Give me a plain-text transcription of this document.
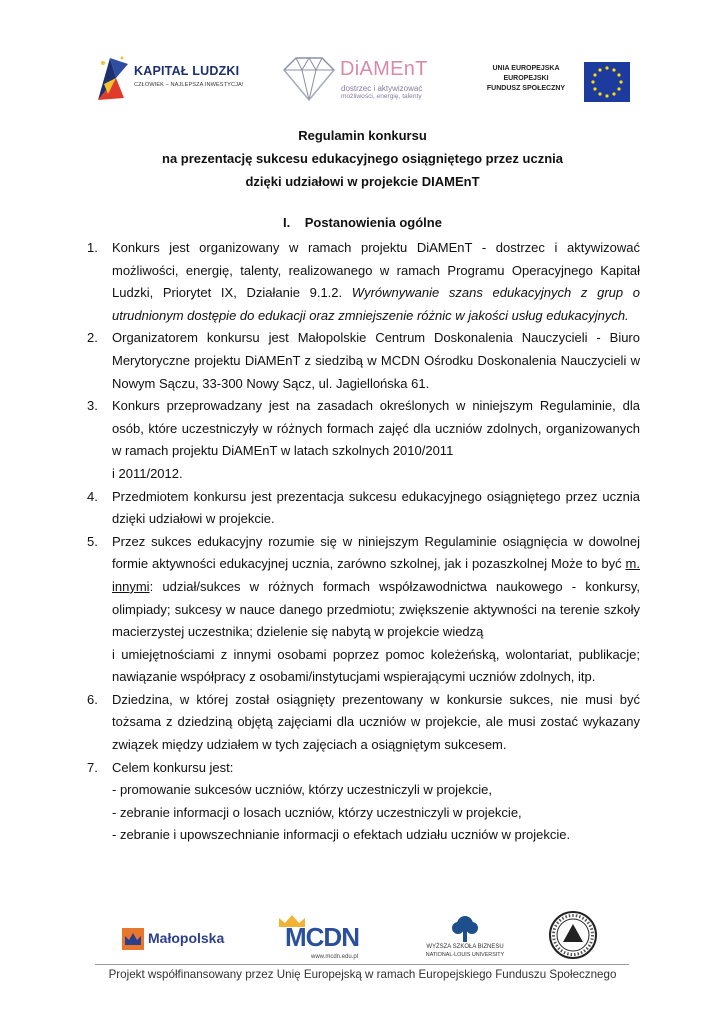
KAPITAŁ LUDZKI
CZŁOWIEK – NAJLEPSZA INWESTYCJA!
DiAMEnT
dostrzec i aktywizować
możliwości, energię, talenty
UNIA EUROPEJSKA
EUROPEJSKI
FUNDUSZ SPOŁECZNY
Regulamin konkursu
na prezentację sukcesu edukacyjnego osiągniętego przez ucznia
dzięki udziałowi w projekcie DIAMEnT
I. Postanowienia ogólne
1. Konkurs jest organizowany w ramach projektu DiAMEnT - dostrzec i aktywizować możliwości, energię, talenty, realizowanego w ramach Programu Operacyjnego Kapitał Ludzki, Priorytet IX, Działanie 9.1.2. Wyrównywanie szans edukacyjnych z grup o utrudnionym dostępie do edukacji oraz zmniejszenie różnic w jakości usług edukacyjnych.
2. Organizatorem konkursu jest Małopolskie Centrum Doskonalenia Nauczycieli - Biuro Merytoryczne projektu DiAMEnT z siedzibą w MCDN Ośrodku Doskonalenia Nauczycieli w Nowym Sączu, 33-300 Nowy Sącz, ul. Jagiellońska 61.
3. Konkurs przeprowadzany jest na zasadach określonych w niniejszym Regulaminie, dla osób, które uczestniczyły w różnych formach zajęć dla uczniów zdolnych, organizowanych w ramach projektu DiAMEnT w latach szkolnych 2010/2011
i 2011/2012.
4. Przedmiotem konkursu jest prezentacja sukcesu edukacyjnego osiągniętego przez ucznia dzięki udziałowi w projekcie.
5. Przez sukces edukacyjny rozumie się w niniejszym Regulaminie osiągnięcia w dowolnej formie aktywności edukacyjnej ucznia, zarówno szkolnej, jak i pozaszkolnej Może to być m. innymi: udział/sukces w różnych formach współzawodnictwa naukowego - konkursy, olimpiady; sukcesy w nauce danego przedmiotu; zwiększenie aktywności na terenie szkoły macierzystej uczestnika; dzielenie się nabytą w projekcie wiedzą
i umiejętnościami z innymi osobami poprzez pomoc koleżeńską, wolontariat, publikacje; nawiązanie współpracy z osobami/instytucjami wspierającymi uczniów zdolnych, itp.
6. Dziedzina, w której został osiągnięty prezentowany w konkursie sukces, nie musi być tożsama z dziedziną objętą zajęciami dla uczniów w projekcie, ale musi zostać wykazany związek między udziałem w tych zajęciach a osiągniętym sukcesem.
7. Celem konkursu jest:
- promowanie sukcesów uczniów, którzy uczestniczyli w projekcie,
- zebranie informacji o losach uczniów, którzy uczestniczyli w projekcie,
- zebranie i upowszechnianie informacji o efektach udziału uczniów w projekcie.
Małopolska MCDN
www.mcdn.edu.pl
WYŻSZA SZKOŁA BIZNESU
NATIONAL-LOUIS UNIVERSITY
Projekt współfinansowany przez Unię Europejską w ramach Europejskiego Funduszu Społecznego
